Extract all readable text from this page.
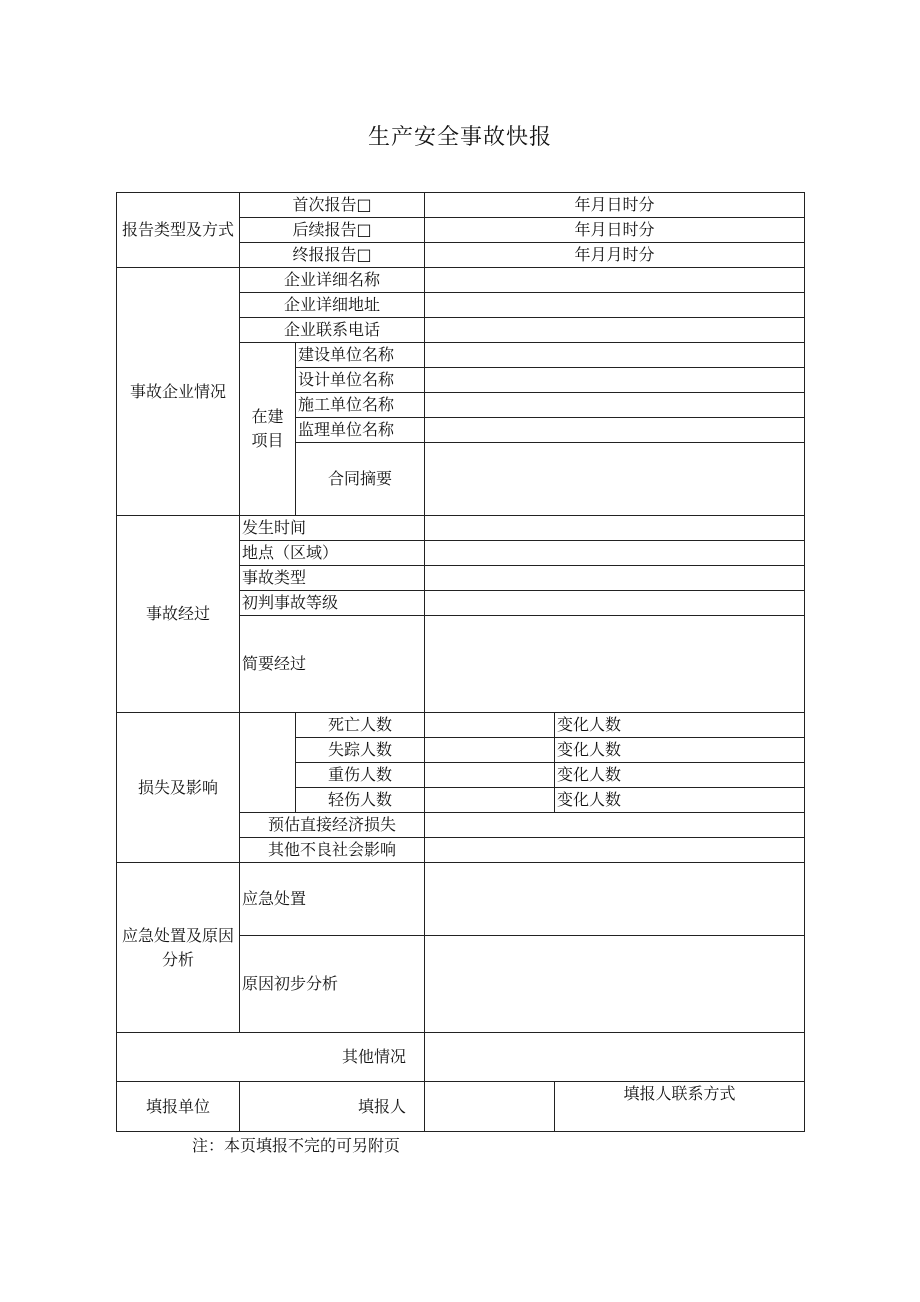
生产安全事故快报
报告类型及方式	首次报告□		年月日时分	
	后续报告□		年月日时分	
	终报报告□		年月月时分	
事故企业情况	企业详细名称			
	企业详细地址			
	企业联系电话			
	在建项目	建设单位名称		
		设计单位名称		
		施工单位名称		
		监理单位名称		
		合同摘要		
事故经过	发生时间			
	地点（区域）			
	事故类型			
	初判事故等级			
	简要经过			
损失及影响		死亡人数		变化人数
		失踪人数		变化人数
		重伤人数		变化人数
		轻伤人数		变化人数
	预估直接经济损失			
	其他不良社会影响			
应急处置及原因分析	应急处置			
	原因初步分析			
其他情况				
填报单位	填报人			填报人联系方式
注：本页填报不完的可另附页
